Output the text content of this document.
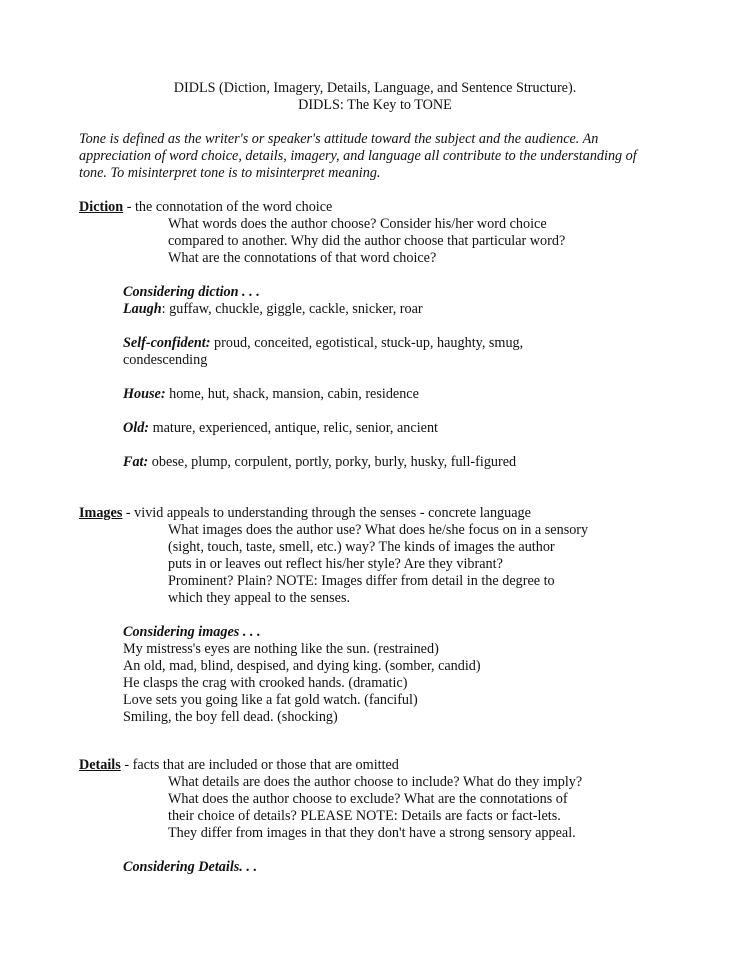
DIDLS (Diction, Imagery, Details, Language, and Sentence Structure).
DIDLS: The Key to TONE
Tone is defined as the writer's or speaker's attitude toward the subject and the audience. An
appreciation of word choice, details, imagery, and language all contribute to the understanding of
tone. To misinterpret tone is to misinterpret meaning.
Diction - the connotation of the word choice
What words does the author choose? Consider his/her word choice
compared to another. Why did the author choose that particular word?
What are the connotations of that word choice?
Considering diction . . .
Laugh: guffaw, chuckle, giggle, cackle, snicker, roar
Self-confident: proud, conceited, egotistical, stuck-up, haughty, smug,
condescending
House: home, hut, shack, mansion, cabin, residence
Old: mature, experienced, antique, relic, senior, ancient
Fat: obese, plump, corpulent, portly, porky, burly, husky, full-figured
Images - vivid appeals to understanding through the senses - concrete language
What images does the author use? What does he/she focus on in a sensory
(sight, touch, taste, smell, etc.) way? The kinds of images the author
puts in or leaves out reflect his/her style? Are they vibrant?
Prominent? Plain? NOTE: Images differ from detail in the degree to
which they appeal to the senses.
Considering images . . .
My mistress's eyes are nothing like the sun. (restrained)
An old, mad, blind, despised, and dying king. (somber, candid)
He clasps the crag with crooked hands. (dramatic)
Love sets you going like a fat gold watch. (fanciful)
Smiling, the boy fell dead. (shocking)
Details - facts that are included or those that are omitted
What details are does the author choose to include? What do they imply?
What does the author choose to exclude? What are the connotations of
their choice of details? PLEASE NOTE: Details are facts or fact-lets.
They differ from images in that they don't have a strong sensory appeal.
Considering Details. . .
